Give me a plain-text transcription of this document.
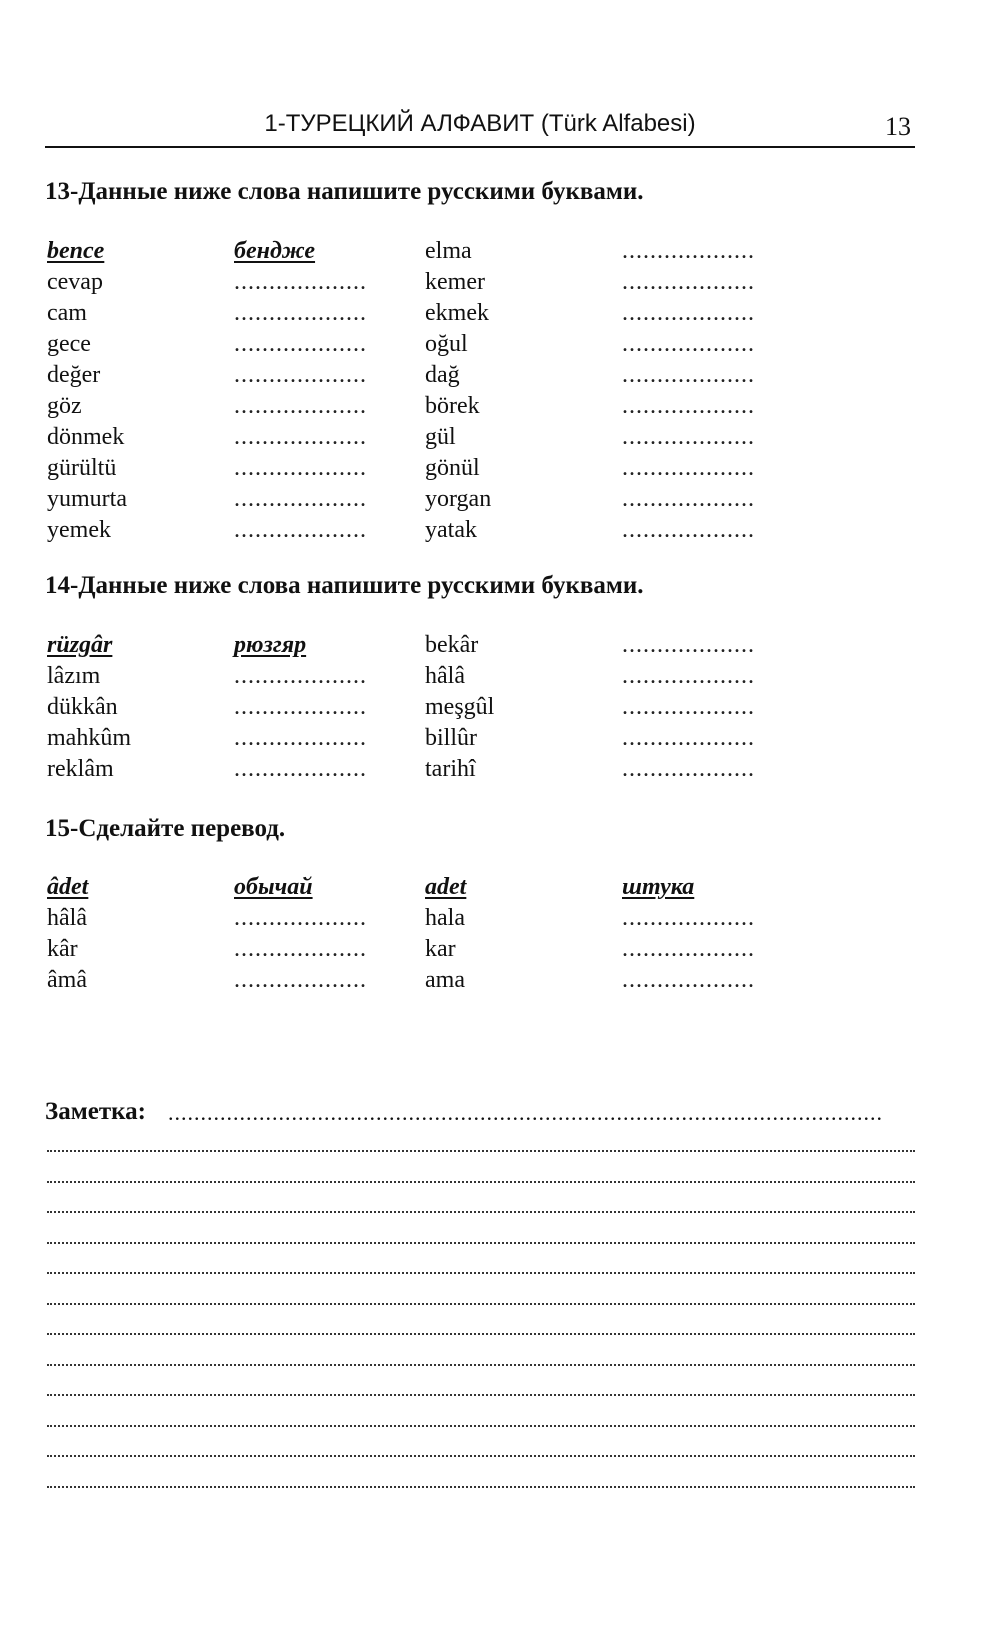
1-ТУРЕЦКИЙ АЛФАВИТ (Türk Alfabesi)	13
13-Данные ниже слова напишите русскими буквами.
bence	бендже	elma	...................
cevap	...................	kemer	...................
cam	...................	ekmek	...................
gece	...................	oğul	...................
değer	...................	dağ	...................
göz	...................	börek	...................
dönmek	...................	gül	...................
gürültü	...................	gönül	...................
yumurta	...................	yorgan	...................
yemek	...................	yatak	...................
14-Данные ниже слова напишите русскими буквами.
rüzgâr	рюзгяр	bekâr	...................
lâzım	...................	hâlâ	...................
dükkân	...................	meşgûl	...................
mahkûm	...................	billûr	...................
reklâm	...................	tarihî	...................
15-Сделайте перевод.
âdet	обычай	adet	штука
hâlâ	...................	hala	...................
kâr	...................	kar	...................
âmâ	...................	ama	...................
Заметка: ..............................................................................................................
